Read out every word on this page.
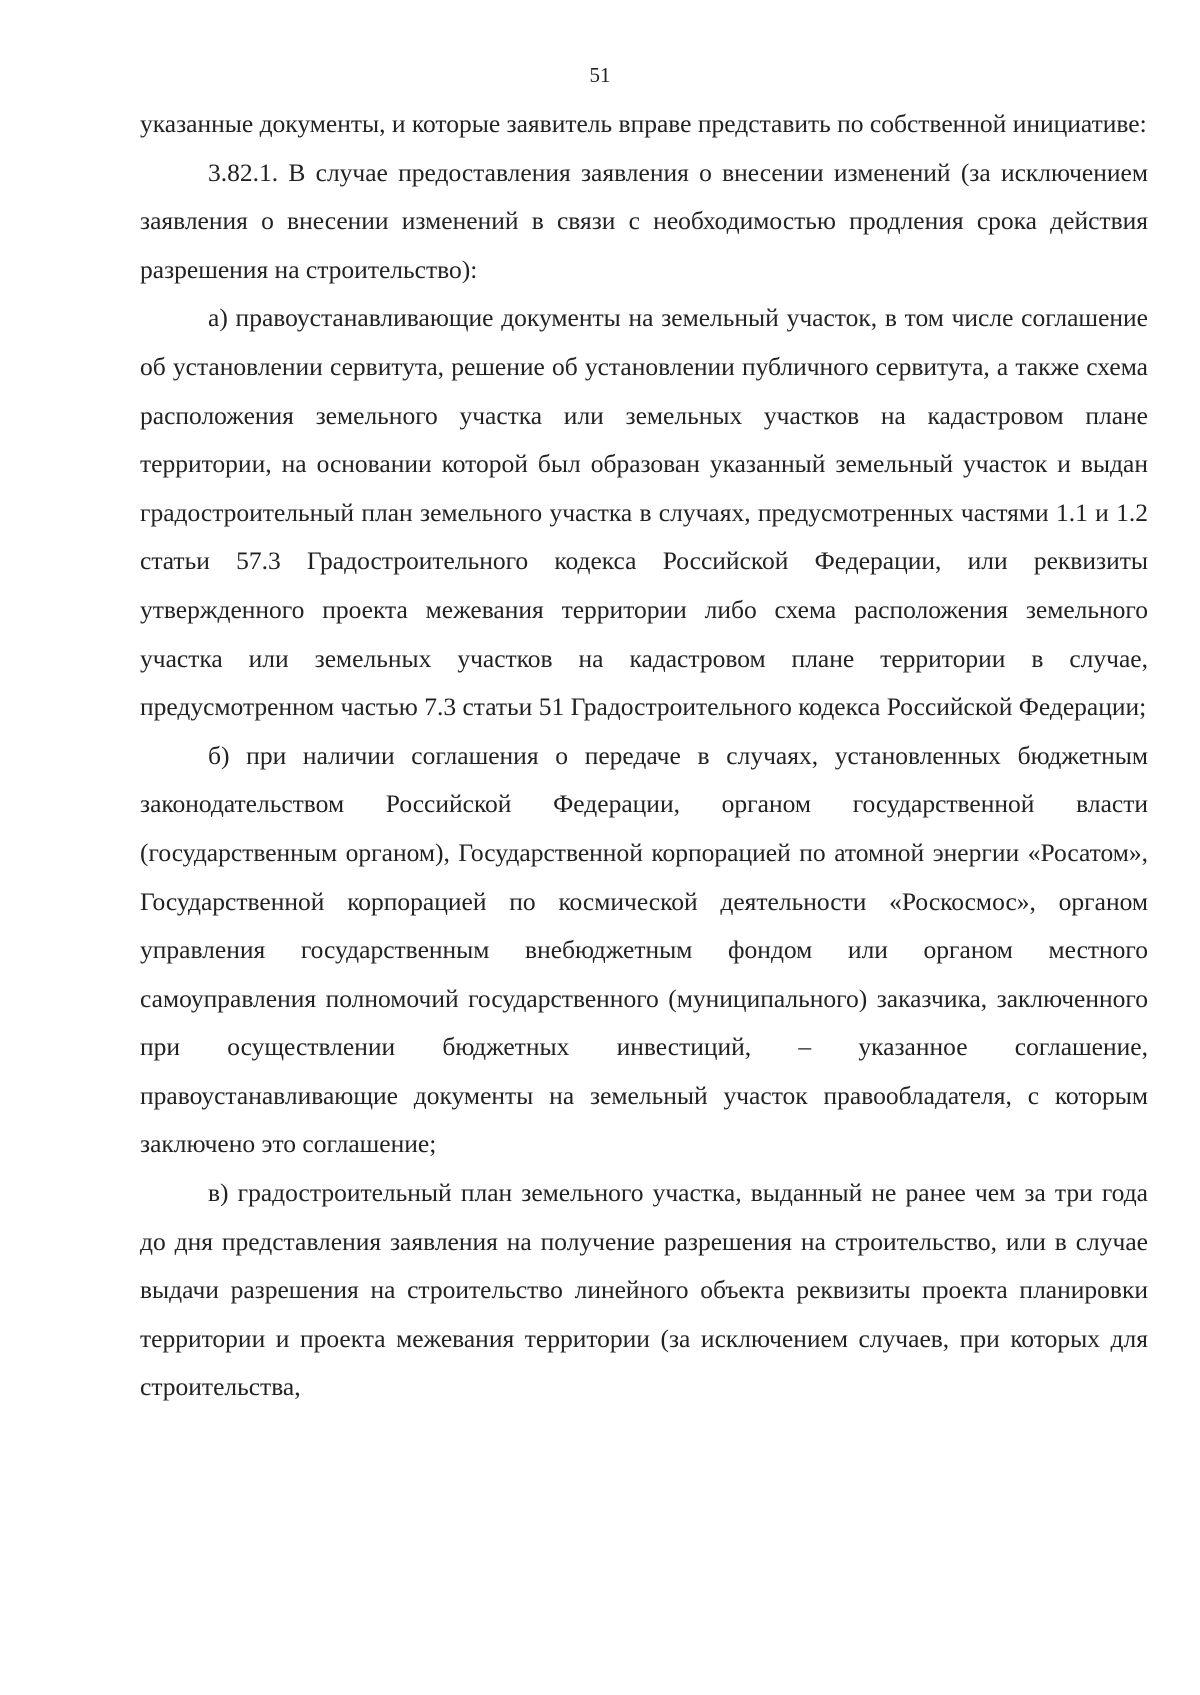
51

указанные документы, и которые заявитель вправе представить по собственной инициативе:

3.82.1. В случае предоставления заявления о внесении изменений (за исключением заявления о внесении изменений в связи с необходимостью продления срока действия разрешения на строительство):

а) правоустанавливающие документы на земельный участок, в том числе соглашение об установлении сервитута, решение об установлении публичного сервитута, а также схема расположения земельного участка или земельных участков на кадастровом плане территории, на основании которой был образован указанный земельный участок и выдан градостроительный план земельного участка в случаях, предусмотренных частями 1.1 и 1.2 статьи 57.3 Градостроительного кодекса Российской Федерации, или реквизиты утвержденного проекта межевания территории либо схема расположения земельного участка или земельных участков на кадастровом плане территории в случае, предусмотренном частью 7.3 статьи 51 Градостроительного кодекса Российской Федерации;

б) при наличии соглашения о передаче в случаях, установленных бюджетным законодательством Российской Федерации, органом государственной власти (государственным органом), Государственной корпорацией по атомной энергии «Росатом», Государственной корпорацией по космической деятельности «Роскосмос», органом управления государственным внебюджетным фондом или органом местного самоуправления полномочий государственного (муниципального) заказчика, заключенного при осуществлении бюджетных инвестиций, – указанное соглашение, правоустанавливающие документы на земельный участок правообладателя, с которым заключено это соглашение;

в) градостроительный план земельного участка, выданный не ранее чем за три года до дня представления заявления на получение разрешения на строительство, или в случае выдачи разрешения на строительство линейного объекта реквизиты проекта планировки территории и проекта межевания территории (за исключением случаев, при которых для строительства,
